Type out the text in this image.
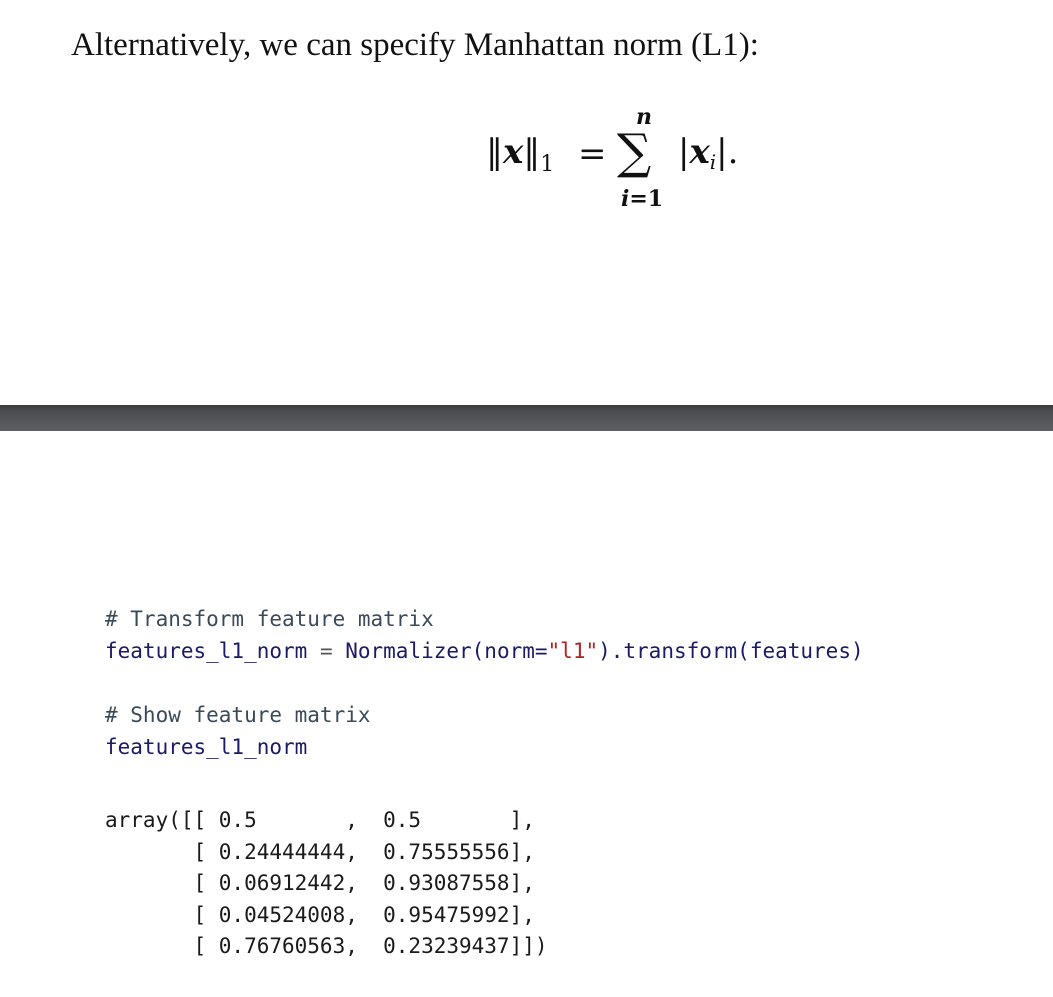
Alternatively, we can specify Manhattan norm (L1):

$‖x‖_1$ =
n
∑
i=1
|xi|.
# Transform feature matrix
features_l1_norm = Normalizer(norm="l1").transform(features)
# Show feature matrix
features_l1_norm
array([[ 0.5       ,  0.5       ],
[ 0.24444444,  0.75555556],
[ 0.06912442,  0.93087558],
[ 0.04524008,  0.95475992],
[ 0.76760563,  0.23239437]])
